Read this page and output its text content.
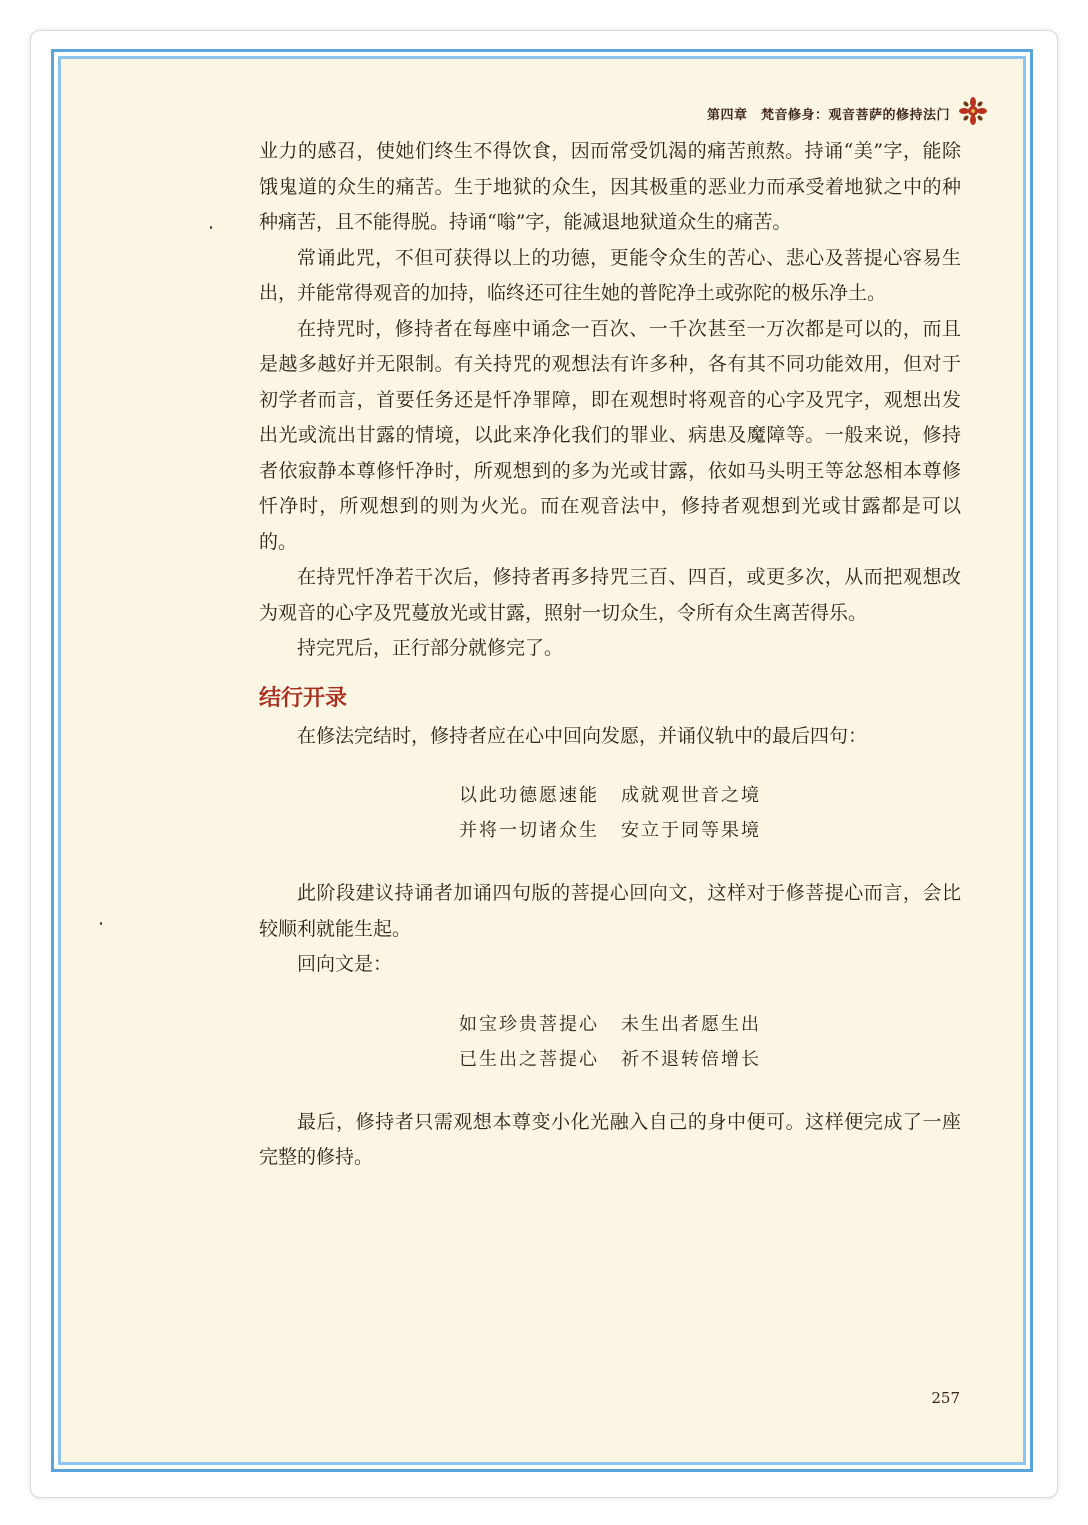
第四章　梵音修身：观音菩萨的修持法门

业力的感召，使她们终生不得饮食，因而常受饥渴的痛苦煎熬。持诵“美”字，能除饿鬼道的众生的痛苦。生于地狱的众生，因其极重的恶业力而承受着地狱之中的种种痛苦，且不能得脱。持诵“嗡”字，能减退地狱道众生的痛苦。

常诵此咒，不但可获得以上的功德，更能令众生的苦心、悲心及菩提心容易生出，并能常得观音的加持，临终还可往生她的普陀净土或弥陀的极乐净土。

在持咒时，修持者在每座中诵念一百次、一千次甚至一万次都是可以的，而且是越多越好并无限制。有关持咒的观想法有许多种，各有其不同功能效用，但对于初学者而言，首要任务还是忏净罪障，即在观想时将观音的心字及咒字，观想出发出光或流出甘露的情境，以此来净化我们的罪业、病患及魔障等。一般来说，修持者依寂静本尊修忏净时，所观想到的多为光或甘露，依如马头明王等忿怒相本尊修忏净时，所观想到的则为火光。而在观音法中，修持者观想到光或甘露都是可以的。

在持咒忏净若干次后，修持者再多持咒三百、四百，或更多次，从而把观想改为观音的心字及咒蔓放光或甘露，照射一切众生，令所有众生离苦得乐。

持完咒后，正行部分就修完了。

结行开录

在修法完结时，修持者应在心中回向发愿，并诵仪轨中的最后四句：

以此功德愿速能 成就观世音之境
并将一切诸众生 安立于同等果境

此阶段建议持诵者加诵四句版的菩提心回向文，这样对于修菩提心而言，会比较顺利就能生起。

回向文是：

如宝珍贵菩提心 未生出者愿生出
已生出之菩提心 祈不退转倍增长

最后，修持者只需观想本尊变小化光融入自己的身中便可。这样便完成了一座完整的修持。

257
